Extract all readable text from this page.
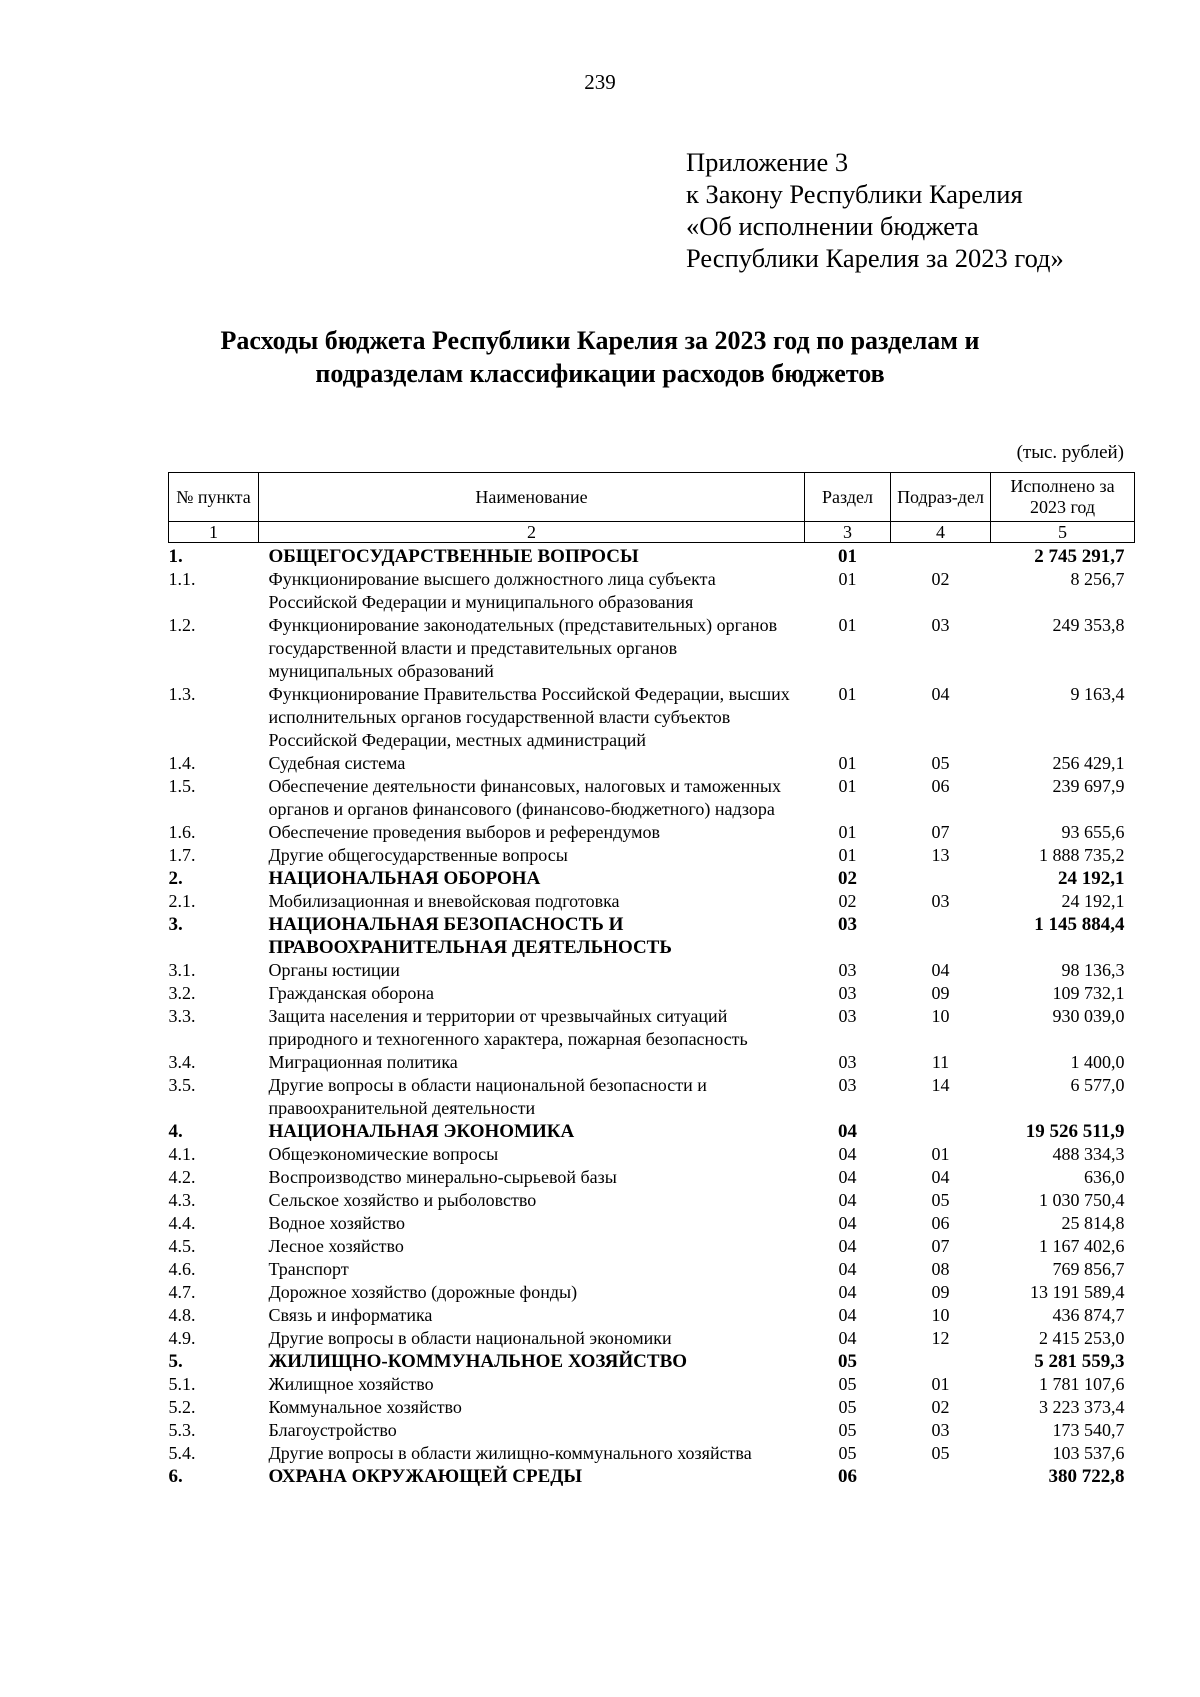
239
Приложение 3
к Закону Республики Карелия
«Об исполнении бюджета
Республики Карелия за 2023 год»
Расходы бюджета Республики Карелия за 2023 год по разделам и
подразделам классификации расходов бюджетов
(тыс. рублей)
№ пункта	Наименование	Раздел	Подраз-дел	Исполнено за 2023 год
1	2	3	4	5
1.	ОБЩЕГОСУДАРСТВЕННЫЕ ВОПРОСЫ	01		2 745 291,7
1.1.	Функционирование высшего должностного лица субъекта Российской Федерации и муниципального образования	01	02	8 256,7
1.2.	Функционирование законодательных (представительных) органов государственной власти и представительных органов муниципальных образований	01	03	249 353,8
1.3.	Функционирование Правительства Российской Федерации, высших исполнительных органов государственной власти субъектов Российской Федерации, местных администраций	01	04	9 163,4
1.4.	Судебная система	01	05	256 429,1
1.5.	Обеспечение деятельности финансовых, налоговых и таможенных органов и органов финансового (финансово-бюджетного) надзора	01	06	239 697,9
1.6.	Обеспечение проведения выборов и референдумов	01	07	93 655,6
1.7.	Другие общегосударственные вопросы	01	13	1 888 735,2
2.	НАЦИОНАЛЬНАЯ ОБОРОНА	02		24 192,1
2.1.	Мобилизационная и вневойсковая подготовка	02	03	24 192,1
3.	НАЦИОНАЛЬНАЯ БЕЗОПАСНОСТЬ И ПРАВООХРАНИТЕЛЬНАЯ ДЕЯТЕЛЬНОСТЬ	03		1 145 884,4
3.1.	Органы юстиции	03	04	98 136,3
3.2.	Гражданская оборона	03	09	109 732,1
3.3.	Защита населения и территории от чрезвычайных ситуаций природного и техногенного характера, пожарная безопасность	03	10	930 039,0
3.4.	Миграционная политика	03	11	1 400,0
3.5.	Другие вопросы в области национальной безопасности и правоохранительной деятельности	03	14	6 577,0
4.	НАЦИОНАЛЬНАЯ ЭКОНОМИКА	04		19 526 511,9
4.1.	Общеэкономические вопросы	04	01	488 334,3
4.2.	Воспроизводство минерально-сырьевой базы	04	04	636,0
4.3.	Сельское хозяйство и рыболовство	04	05	1 030 750,4
4.4.	Водное хозяйство	04	06	25 814,8
4.5.	Лесное хозяйство	04	07	1 167 402,6
4.6.	Транспорт	04	08	769 856,7
4.7.	Дорожное хозяйство (дорожные фонды)	04	09	13 191 589,4
4.8.	Связь и информатика	04	10	436 874,7
4.9.	Другие вопросы в области национальной экономики	04	12	2 415 253,0
5.	ЖИЛИЩНО-КОММУНАЛЬНОЕ ХОЗЯЙСТВО	05		5 281 559,3
5.1.	Жилищное хозяйство	05	01	1 781 107,6
5.2.	Коммунальное хозяйство	05	02	3 223 373,4
5.3.	Благоустройство	05	03	173 540,7
5.4.	Другие вопросы в области жилищно-коммунального хозяйства	05	05	103 537,6
6.	ОХРАНА ОКРУЖАЮЩЕЙ СРЕДЫ	06		380 722,8
